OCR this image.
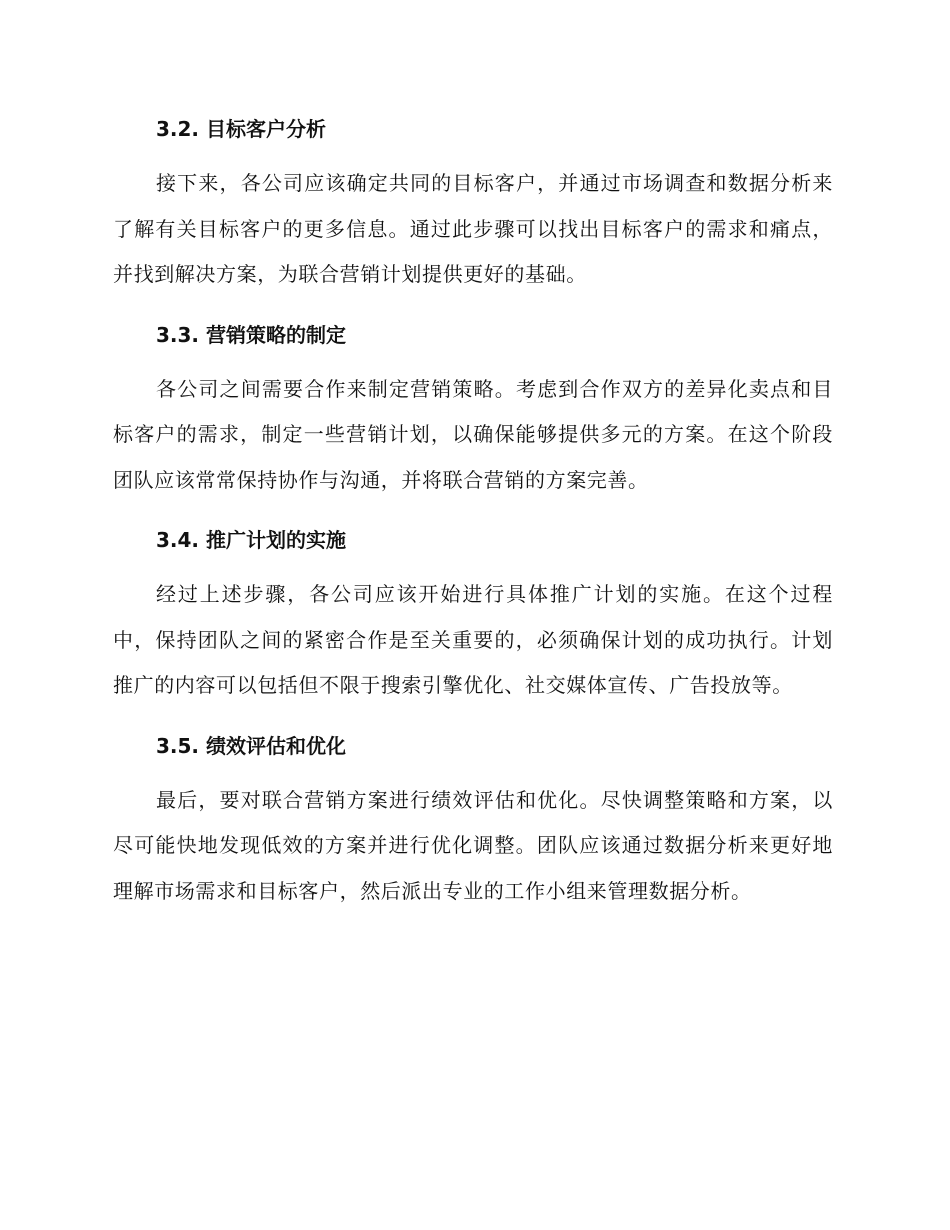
3.2. 目标客户分析

接下来，各公司应该确定共同的目标客户，并通过市场调查和数据分析来了解有关目标客户的更多信息。通过此步骤可以找出目标客户的需求和痛点，并找到解决方案，为联合营销计划提供更好的基础。

3.3. 营销策略的制定

各公司之间需要合作来制定营销策略。考虑到合作双方的差异化卖点和目标客户的需求，制定一些营销计划，以确保能够提供多元的方案。在这个阶段团队应该常常保持协作与沟通，并将联合营销的方案完善。

3.4. 推广计划的实施

经过上述步骤，各公司应该开始进行具体推广计划的实施。在这个过程中，保持团队之间的紧密合作是至关重要的，必须确保计划的成功执行。计划推广的内容可以包括但不限于搜索引擎优化、社交媒体宣传、广告投放等。

3.5. 绩效评估和优化

最后，要对联合营销方案进行绩效评估和优化。尽快调整策略和方案，以尽可能快地发现低效的方案并进行优化调整。团队应该通过数据分析来更好地理解市场需求和目标客户，然后派出专业的工作小组来管理数据分析。
